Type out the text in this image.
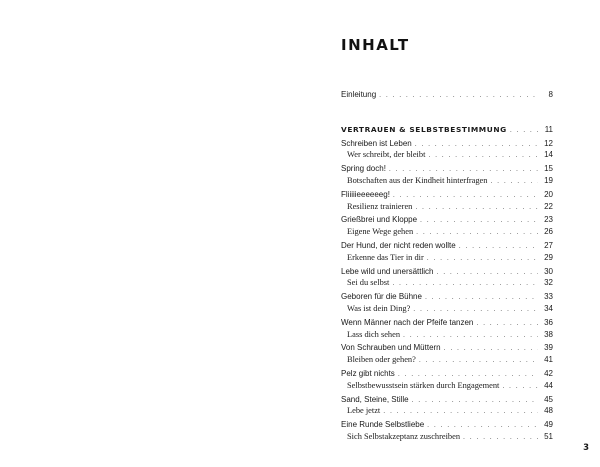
INHALT
Einleitung . . .	8
VERTRAUEN & SELBSTBESTIMMUNG . . .	11
Schreiben ist Leben . . .	12
Wer schreibt, der bleibt . . .	14
Spring doch! . . .	15
Botschaften aus der Kindheit hinterfragen . . .	19
Fliiiiieeeeeeg! . . .	20
Resilienz trainieren . . .	22
Grießbrei und Kloppe . . .	23
Eigene Wege gehen . . .	26
Der Hund, der nicht reden wollte . . .	27
Erkenne das Tier in dir . . .	29
Lebe wild und unersättlich . . .	30
Sei du selbst . . .	32
Geboren für die Bühne . . .	33
Was ist dein Ding? . . .	34
Wenn Männer nach der Pfeife tanzen . . .	36
Lass dich sehen . . .	38
Von Schrauben und Müttern . . .	39
Bleiben oder gehen? . . .	41
Pelz gibt nichts . . .	42
Selbstbewusstsein stärken durch Engagement . . .	44
Sand, Steine, Stille . . .	45
Lebe jetzt . . .	48
Eine Runde Selbstliebe . . .	49
Sich Selbstakzeptanz zuschreiben . . .	51
3
